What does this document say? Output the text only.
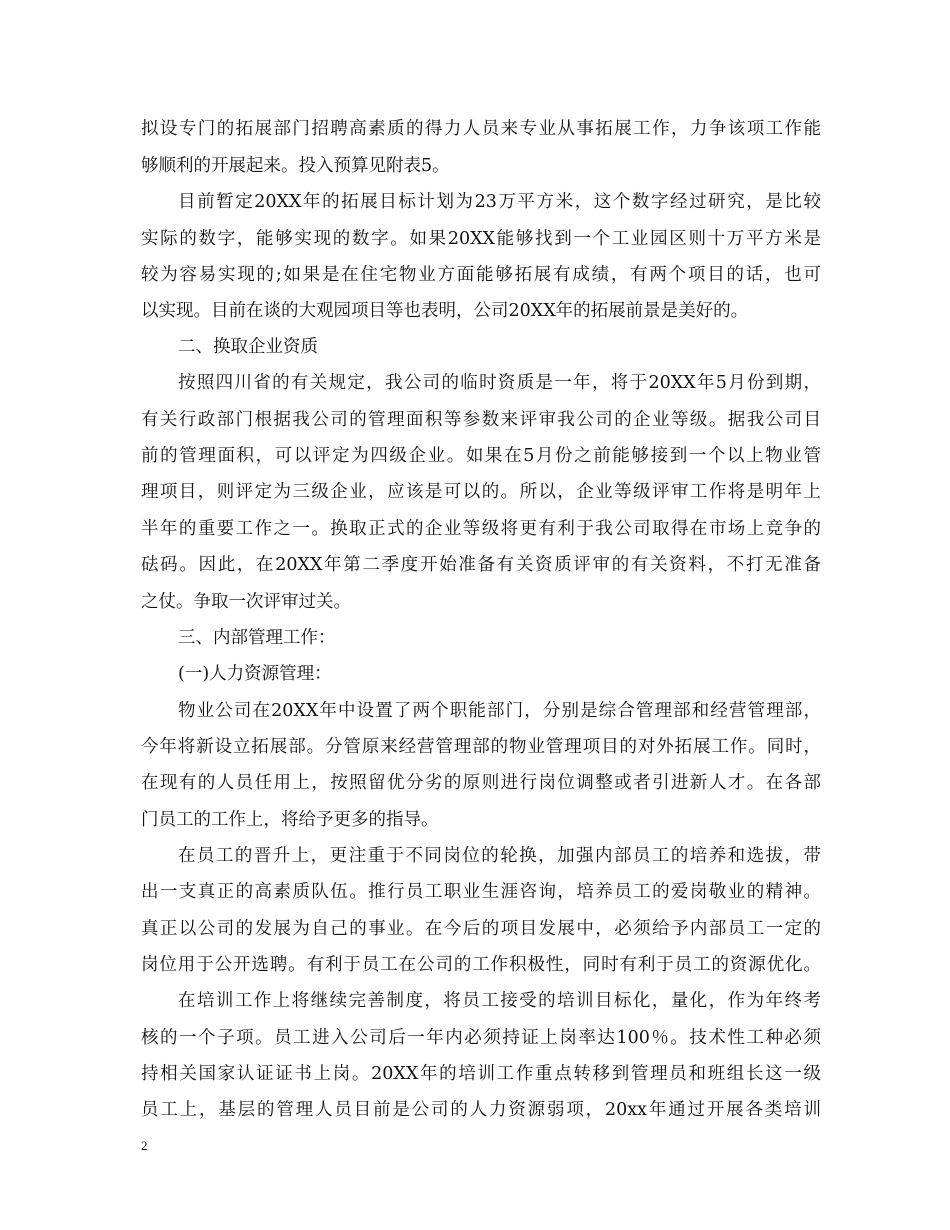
拟设专门的拓展部门招聘高素质的得力人员来专业从事拓展工作，力争该项工作能
够顺利的开展起来。投入预算见附表5。
目前暂定20XX年的拓展目标计划为23万平方米，这个数字经过研究，是比较
实际的数字，能够实现的数字。如果20XX能够找到一个工业园区则十万平方米是
较为容易实现的;如果是在住宅物业方面能够拓展有成绩，有两个项目的话，也可
以实现。目前在谈的大观园项目等也表明，公司20XX年的拓展前景是美好的。
二、换取企业资质
按照四川省的有关规定，我公司的临时资质是一年，将于20XX年5月份到期，
有关行政部门根据我公司的管理面积等参数来评审我公司的企业等级。据我公司目
前的管理面积，可以评定为四级企业。如果在5月份之前能够接到一个以上物业管
理项目，则评定为三级企业，应该是可以的。所以，企业等级评审工作将是明年上
半年的重要工作之一。换取正式的企业等级将更有利于我公司取得在市场上竞争的
砝码。因此，在20XX年第二季度开始准备有关资质评审的有关资料，不打无准备
之仗。争取一次评审过关。
三、内部管理工作：
(一)人力资源管理：
物业公司在20XX年中设置了两个职能部门，分别是综合管理部和经营管理部，
今年将新设立拓展部。分管原来经营管理部的物业管理项目的对外拓展工作。同时，
在现有的人员任用上，按照留优分劣的原则进行岗位调整或者引进新人才。在各部
门员工的工作上，将给予更多的指导。
在员工的晋升上，更注重于不同岗位的轮换，加强内部员工的培养和选拔，带
出一支真正的高素质队伍。推行员工职业生涯咨询，培养员工的爱岗敬业的精神。
真正以公司的发展为自己的事业。在今后的项目发展中，必须给予内部员工一定的
岗位用于公开选聘。有利于员工在公司的工作积极性，同时有利于员工的资源优化。
在培训工作上将继续完善制度，将员工接受的培训目标化，量化，作为年终考
核的一个子项。员工进入公司后一年内必须持证上岗率达100％。技术性工种必须
持相关国家认证证书上岗。20XX年的培训工作重点转移到管理员和班组长这一级
员工上，基层的管理人员目前是公司的人力资源弱项，20xx年通过开展各类培训
2
